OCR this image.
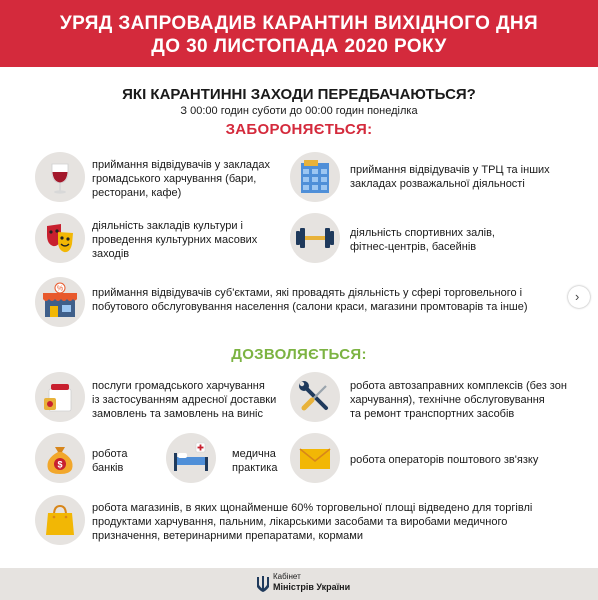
УРЯД ЗАПРОВАДИВ КАРАНТИН ВИХІДНОГО ДНЯ
ДО 30 ЛИСТОПАДА 2020 РОКУ
ЯКІ КАРАНТИННІ ЗАХОДИ ПЕРЕДБАЧАЮТЬСЯ?
З 00:00 годин суботи до 00:00 годин понеділка
ЗАБОРОНЯЄТЬСЯ:
приймання відвідувачів у закладах
громадського харчування (бари,
ресторани, кафе)
приймання відвідувачів у ТРЦ та інших
закладах розважальної діяльності
діяльність закладів культури і
проведення культурних масових
заходів
діяльність спортивних залів,
фітнес-центрів, басейнів
%	приймання відвідувачів суб'єктами, які провадять діяльність у сфері торговельного і
побутового обслуговування населення (салони краси, магазини промтоварів та інше)
›
ДОЗВОЛЯЄТЬСЯ:
послуги громадського харчування
із застосуванням адресної доставки
замовлень та замовлень на виніс
робота автозаправних комплексів (без зон
харчування), технічне обслуговування
та ремонт транспортних засобів
$
робота
банків
медична
практика
робота операторів поштового зв'язку
робота магазинів, в яких щонайменше 60% торговельної площі відведено для торгівлі
продуктами харчування, пальним, лікарськими засобами та виробами медичного
призначення, ветеринарними препаратами, кормами
Кабінет
Міністрів України
